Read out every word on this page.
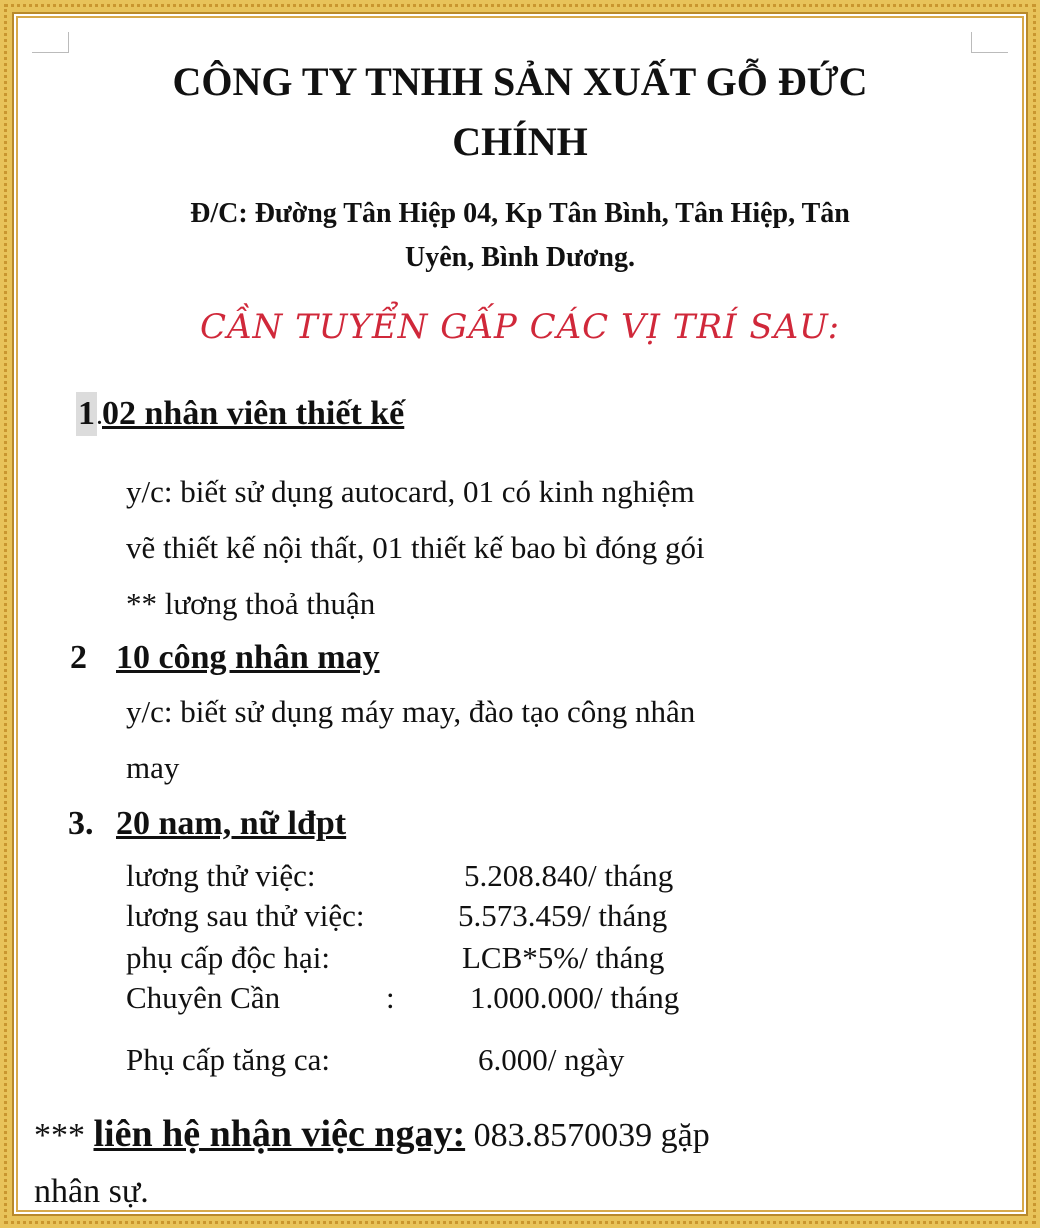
CÔNG TY TNHH SẢN XUẤT GỖ ĐỨC
CHÍNH
Đ/C: Đường Tân Hiệp 04, Kp Tân Bình, Tân Hiệp, Tân
Uyên, Bình Dương.
CẦN TUYỂN GẤP CÁC VỊ TRÍ SAU:
1 .02 nhân viên thiết kế
y/c: biết sử dụng autocard, 01 có kinh nghiệm
vẽ thiết kế nội thất, 01 thiết kế bao bì đóng gói
** lương thoả thuận
2 10 công nhân may
y/c: biết sử dụng máy may, đào tạo công nhân
may
3. 20 nam, nữ lđpt
lương thử việc:	5.208.840/ tháng
lương sau thử việc:	5.573.459/ tháng
phụ cấp độc hại:	LCB*5%/ tháng
Chuyên Cần	: 1.000.000/ tháng
Phụ cấp tăng ca:	6.000/ ngày
*** liên hệ nhận việc ngay: 083.8570039 gặp
nhân sự.
